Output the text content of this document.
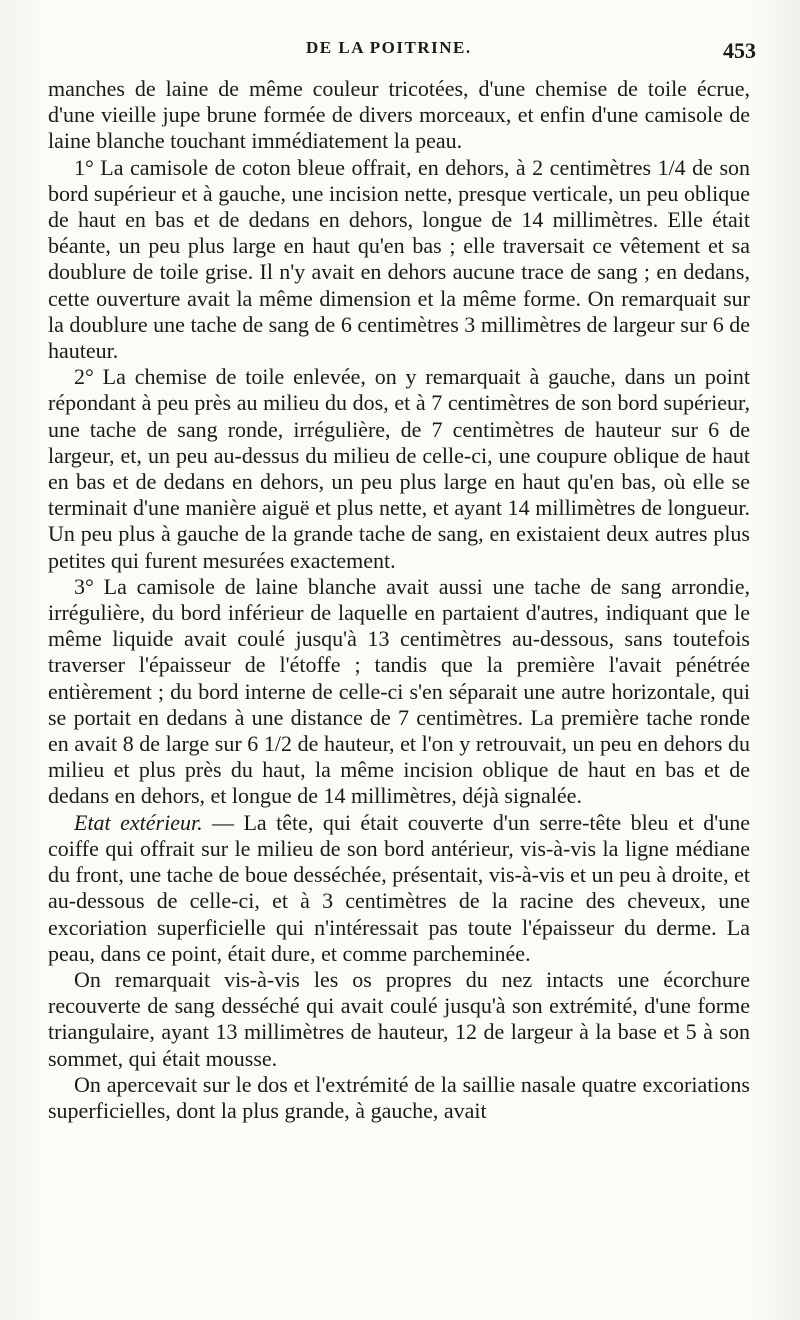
DE LA POITRINE.	453

manches de laine de même couleur tricotées, d'une chemise de toile écrue, d'une vieille jupe brune formée de divers morceaux, et enfin d'une camisole de laine blanche touchant immédiatement la peau.

1° La camisole de coton bleue offrait, en dehors, à 2 centimètres 1/4 de son bord supérieur et à gauche, une incision nette, presque verticale, un peu oblique de haut en bas et de dedans en dehors, longue de 14 millimètres. Elle était béante, un peu plus large en haut qu'en bas ; elle traversait ce vêtement et sa doublure de toile grise. Il n'y avait en dehors aucune trace de sang ; en dedans, cette ouverture avait la même dimension et la même forme. On remarquait sur la doublure une tache de sang de 6 centimètres 3 millimètres de largeur sur 6 de hauteur.

2° La chemise de toile enlevée, on y remarquait à gauche, dans un point répondant à peu près au milieu du dos, et à 7 centimètres de son bord supérieur, une tache de sang ronde, irrégulière, de 7 centimètres de hauteur sur 6 de largeur, et, un peu au-dessus du milieu de celle-ci, une coupure oblique de haut en bas et de dedans en dehors, un peu plus large en haut qu'en bas, où elle se terminait d'une manière aiguë et plus nette, et ayant 14 millimètres de longueur. Un peu plus à gauche de la grande tache de sang, en existaient deux autres plus petites qui furent mesurées exactement.

3° La camisole de laine blanche avait aussi une tache de sang arrondie, irrégulière, du bord inférieur de laquelle en partaient d'autres, indiquant que le même liquide avait coulé jusqu'à 13 centimètres au-dessous, sans toutefois traverser l'épaisseur de l'étoffe ; tandis que la première l'avait pénétrée entièrement ; du bord interne de celle-ci s'en séparait une autre horizontale, qui se portait en dedans à une distance de 7 centimètres. La première tache ronde en avait 8 de large sur 6 1/2 de hauteur, et l'on y retrouvait, un peu en dehors du milieu et plus près du haut, la même incision oblique de haut en bas et de dedans en dehors, et longue de 14 millimètres, déjà signalée.

Etat extérieur. — La tête, qui était couverte d'un serre-tête bleu et d'une coiffe qui offrait sur le milieu de son bord antérieur, vis-à-vis la ligne médiane du front, une tache de boue desséchée, présentait, vis-à-vis et un peu à droite, et au-dessous de celle-ci, et à 3 centimètres de la racine des cheveux, une excoriation superficielle qui n'intéressait pas toute l'épaisseur du derme. La peau, dans ce point, était dure, et comme parcheminée.

On remarquait vis-à-vis les os propres du nez intacts une écorchure recouverte de sang desséché qui avait coulé jusqu'à son extrémité, d'une forme triangulaire, ayant 13 millimètres de hauteur, 12 de largeur à la base et 5 à son sommet, qui était mousse.

On apercevait sur le dos et l'extrémité de la saillie nasale quatre excoriations superficielles, dont la plus grande, à gauche, avait
